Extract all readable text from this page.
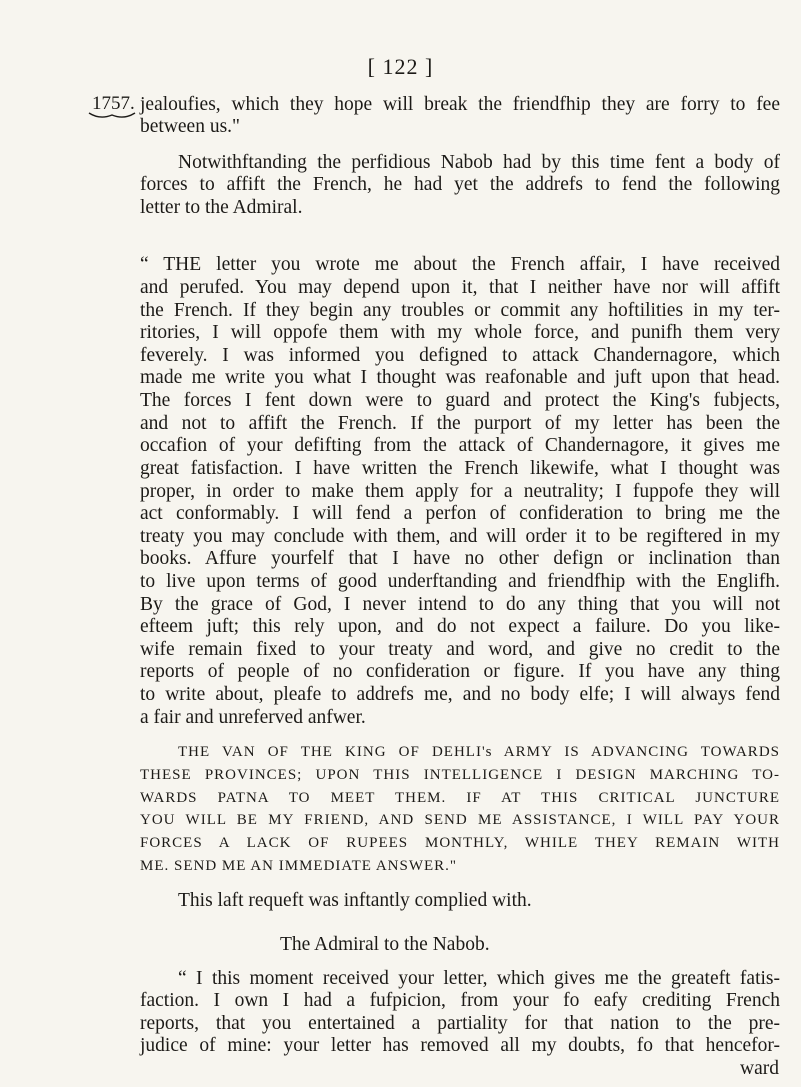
[ 122 ]
1757. jealoufies, which they hope will break the friendfhip they are forry to fee
between us."
Notwithftanding the perfidious Nabob had by this time fent a body of
forces to affift the French, he had yet the addrefs to fend the following
letter to the Admiral.
“ THE letter you wrote me about the French affair, I have received
and perufed. You may depend upon it, that I neither have nor will affift
the French. If they begin any troubles or commit any hoftilities in my ter-
ritories, I will oppofe them with my whole force, and punifh them very
feverely. I was informed you defigned to attack Chandernagore, which
made me write you what I thought was reafonable and juft upon that head.
The forces I fent down were to guard and protect the King's fubjects,
and not to affift the French. If the purport of my letter has been the
occafion of your defifting from the attack of Chandernagore, it gives me
great fatisfaction. I have written the French likewife, what I thought was
proper, in order to make them apply for a neutrality; I fuppofe they will
act conformably. I will fend a perfon of confideration to bring me the
treaty you may conclude with them, and will order it to be regiftered in my
books. Affure yourfelf that I have no other defign or inclination than
to live upon terms of good underftanding and friendfhip with the Englifh.
By the grace of God, I never intend to do any thing that you will not
efteem juft; this rely upon, and do not expect a failure. Do you like-
wife remain fixed to your treaty and word, and give no credit to the
reports of people of no confideration or figure. If you have any thing
to write about, pleafe to addrefs me, and no body elfe; I will always fend
a fair and unreferved anfwer.
THE VAN OF THE KING OF DEHLI's ARMY IS ADVANCING TOWARDS
THESE PROVINCES; UPON THIS INTELLIGENCE I DESIGN MARCHING TO-
WARDS PATNA TO MEET THEM. IF AT THIS CRITICAL JUNCTURE
YOU WILL BE MY FRIEND, AND SEND ME ASSISTANCE, I WILL PAY YOUR
FORCES A LACK OF RUPEES MONTHLY, WHILE THEY REMAIN WITH
ME. SEND ME AN IMMEDIATE ANSWER."
This laft requeft was inftantly complied with.
The Admiral to the Nabob.
“ I this moment received your letter, which gives me the greateft fatis-
faction. I own I had a fufpicion, from your fo eafy crediting French
reports, that you entertained a partiality for that nation to the pre-
judice of mine: your letter has removed all my doubts, fo that hencefor-
ward
